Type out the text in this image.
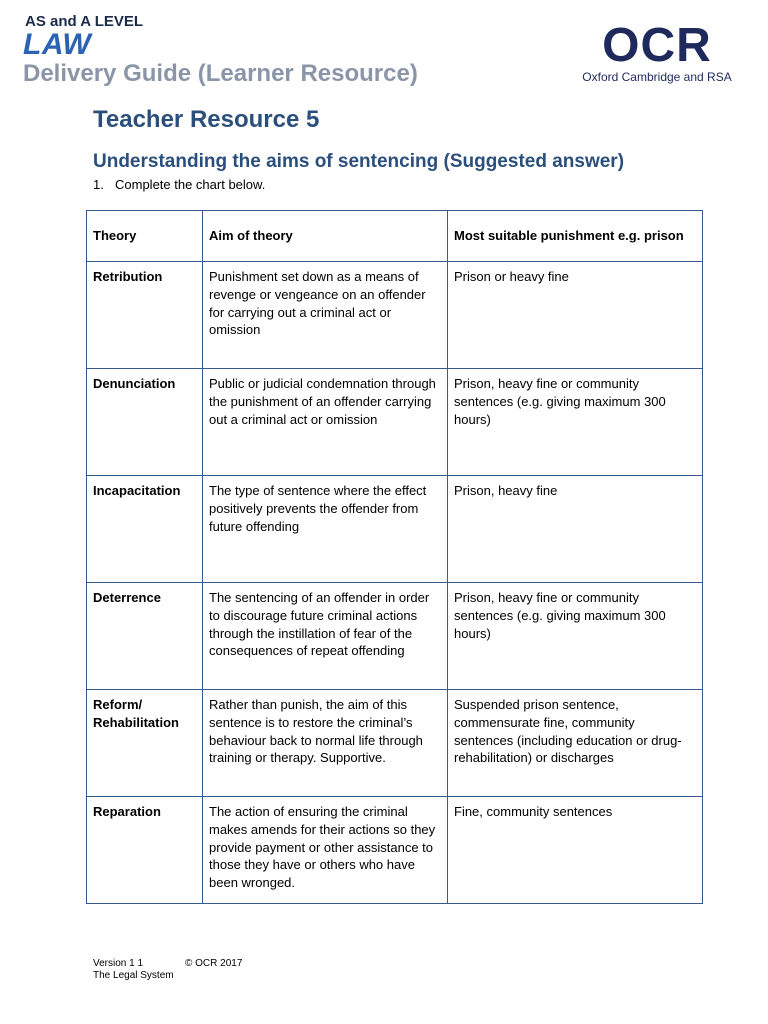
AS and A LEVEL
LAW
Delivery Guide (Learner Resource)
OCR
Oxford Cambridge and RSA
Teacher Resource 5
Understanding the aims of sentencing (Suggested answer)
1. Complete the chart below.
Theory	Aim of theory	Most suitable punishment e.g. prison
Retribution	Punishment set down as a means of revenge or vengeance on an offender for carrying out a criminal act or omission	Prison or heavy fine
Denunciation	Public or judicial condemnation through the punishment of an offender carrying out a criminal act or omission	Prison, heavy fine or community sentences (e.g. giving maximum 300 hours)
Incapacitation	The type of sentence where the effect positively prevents the offender from future offending	Prison, heavy fine
Deterrence	The sentencing of an offender in order to discourage future criminal actions through the instillation of fear of the consequences of repeat offending	Prison, heavy fine or community sentences (e.g. giving maximum 300 hours)
Reform/ Rehabilitation	Rather than punish, the aim of this sentence is to restore the criminal’s behaviour back to normal life through training or therapy. Supportive.	Suspended prison sentence, commensurate fine, community sentences (including education or drug-rehabilitation) or discharges
Reparation	The action of ensuring the criminal makes amends for their actions so they provide payment or other assistance to those they have or others who have been wronged.	Fine, community sentences
Version 1 1	© OCR 2017
The Legal System
